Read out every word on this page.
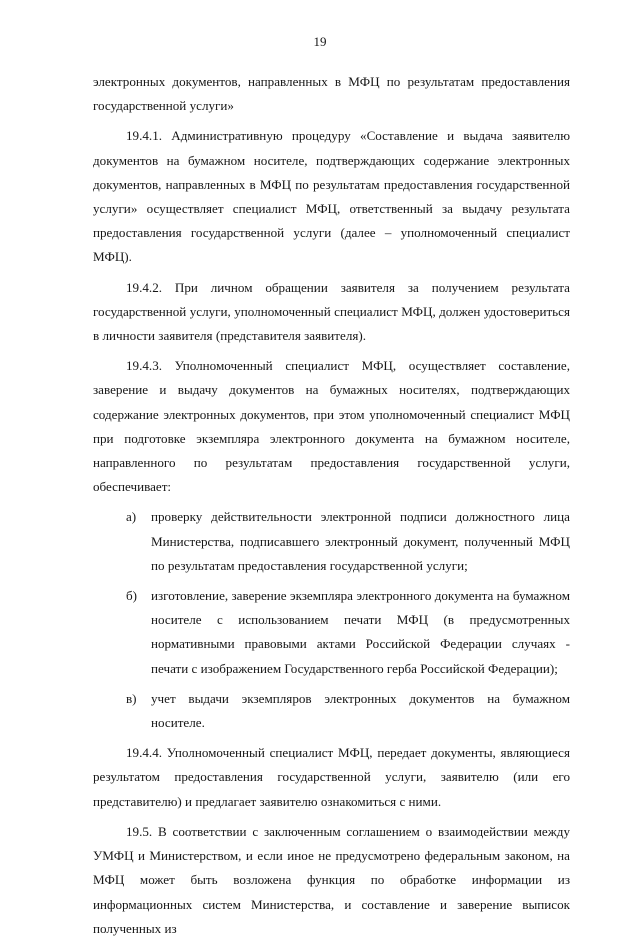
19

электронных документов, направленных в МФЦ по результатам предоставления государственной услуги»

19.4.1. Административную процедуру «Составление и выдача заявителю документов на бумажном носителе, подтверждающих содержание электронных документов, направленных в МФЦ по результатам предоставления государственной услуги» осуществляет специалист МФЦ, ответственный за выдачу результата предоставления государственной услуги (далее – уполномоченный специалист МФЦ).

19.4.2. При личном обращении заявителя за получением результата государственной услуги, уполномоченный специалист МФЦ, должен удостовериться в личности заявителя (представителя заявителя).

19.4.3. Уполномоченный специалист МФЦ, осуществляет составление, заверение и выдачу документов на бумажных носителях, подтверждающих содержание электронных документов, при этом уполномоченный специалист МФЦ при подготовке экземпляра электронного документа на бумажном носителе, направленного по результатам предоставления государственной услуги, обеспечивает:

а)	проверку действительности электронной подписи должностного лица Министерства, подписавшего электронный документ, полученный МФЦ по результатам предоставления государственной услуги;
б)	изготовление, заверение экземпляра электронного документа на бумажном носителе с использованием печати МФЦ (в предусмотренных нормативными правовыми актами Российской Федерации случаях - печати с изображением Государственного герба Российской Федерации);
в)	учет выдачи экземпляров электронных документов на бумажном носителе.

19.4.4. Уполномоченный специалист МФЦ, передает документы, являющиеся результатом предоставления государственной услуги, заявителю (или его представителю) и предлагает заявителю ознакомиться с ними.

19.5. В соответствии с заключенным соглашением о взаимодействии между УМФЦ и Министерством, и если иное не предусмотрено федеральным законом, на МФЦ может быть возложена функция по обработке информации из информационных систем Министерства, и составление и заверение выписок полученных из
